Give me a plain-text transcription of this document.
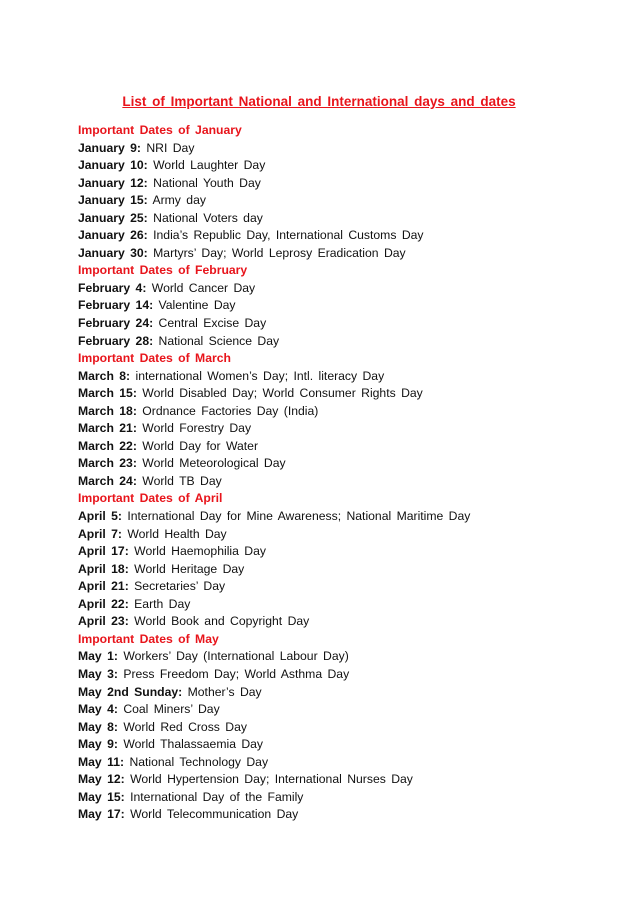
List of Important National and International days and dates
Important Dates of January
January 9: NRI Day
January 10: World Laughter Day
January 12: National Youth Day
January 15: Army day
January 25: National Voters day
January 26: India’s Republic Day, International Customs Day
January 30: Martyrs’ Day; World Leprosy Eradication Day
Important Dates of February
February 4: World Cancer Day
February 14: Valentine Day
February 24: Central Excise Day
February 28: National Science Day
Important Dates of March
March 8: international Women’s Day; Intl. literacy Day
March 15: World Disabled Day; World Consumer Rights Day
March 18: Ordnance Factories Day (India)
March 21: World Forestry Day
March 22: World Day for Water
March 23: World Meteorological Day
March 24: World TB Day
Important Dates of April
April 5: International Day for Mine Awareness; National Maritime Day
April 7: World Health Day
April 17: World Haemophilia Day
April 18: World Heritage Day
April 21: Secretaries’ Day
April 22: Earth Day
April 23: World Book and Copyright Day
Important Dates of May
May 1: Workers’ Day (International Labour Day)
May 3: Press Freedom Day; World Asthma Day
May 2nd Sunday: Mother’s Day
May 4: Coal Miners’ Day
May 8: World Red Cross Day
May 9: World Thalassaemia Day
May 11: National Technology Day
May 12: World Hypertension Day; International Nurses Day
May 15: International Day of the Family
May 17: World Telecommunication Day
